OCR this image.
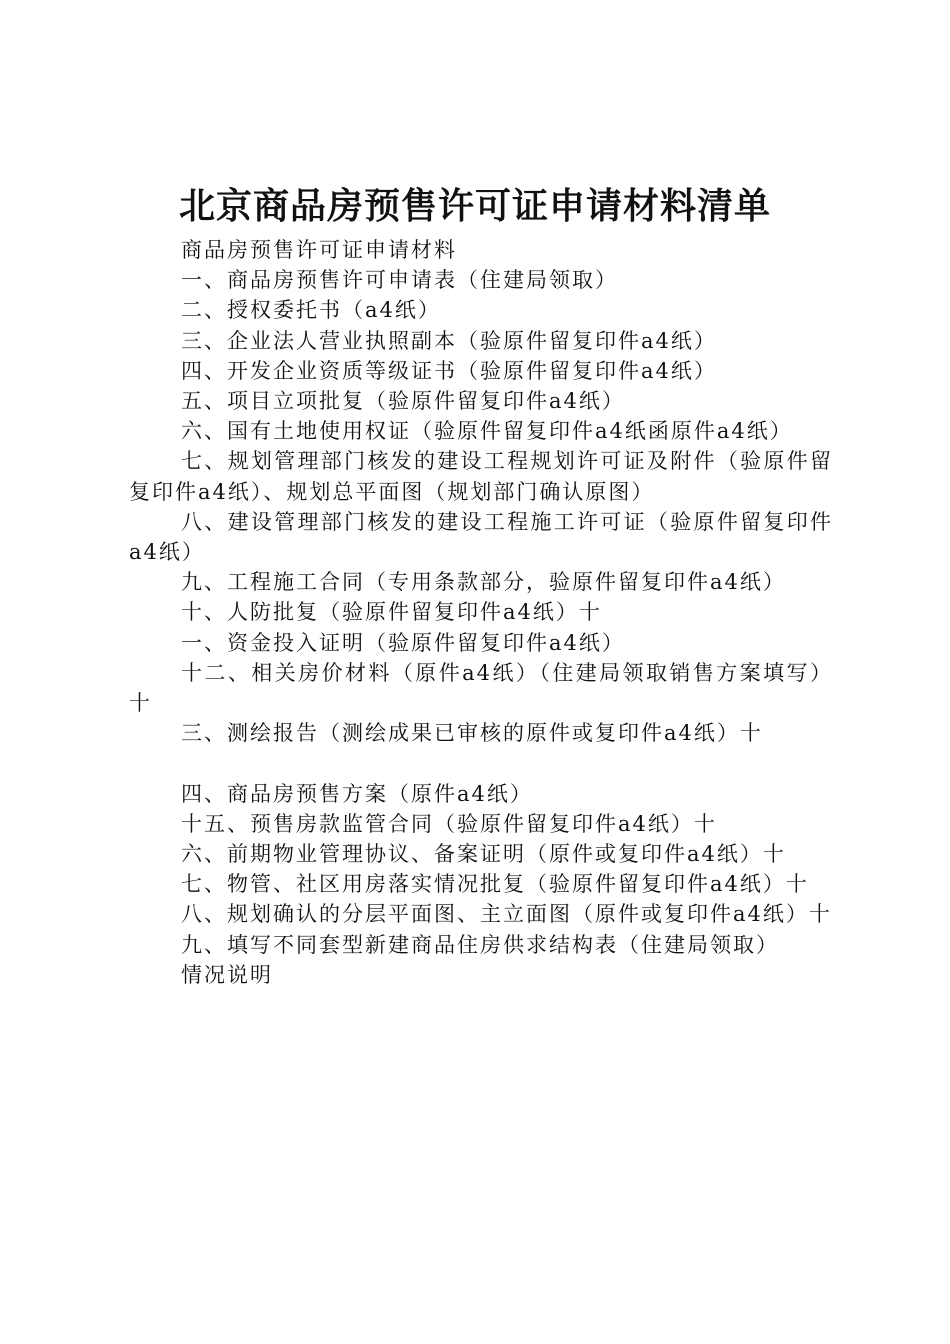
北京商品房预售许可证申请材料清单

商品房预售许可证申请材料

一、商品房预售许可申请表（住建局领取）

二、授权委托书（a4纸）

三、企业法人营业执照副本（验原件留复印件a4纸）

四、开发企业资质等级证书（验原件留复印件a4纸）

五、项目立项批复（验原件留复印件a4纸）

六、国有土地使用权证（验原件留复印件a4纸函原件a4纸）

七、规划管理部门核发的建设工程规划许可证及附件（验原件留复印件a4纸）、规划总平面图（规划部门确认原图）

八、建设管理部门核发的建设工程施工许可证（验原件留复印件a4纸）

九、工程施工合同（专用条款部分，验原件留复印件a4纸）

十、人防批复（验原件留复印件a4纸）十

一、资金投入证明（验原件留复印件a4纸）

十二、相关房价材料（原件a4纸）（住建局领取销售方案填写）十

三、测绘报告（测绘成果已审核的原件或复印件a4纸）十

四、商品房预售方案（原件a4纸）

十五、预售房款监管合同（验原件留复印件a4纸）十

六、前期物业管理协议、备案证明（原件或复印件a4纸）十

七、物管、社区用房落实情况批复（验原件留复印件a4纸）十

八、规划确认的分层平面图、主立面图（原件或复印件a4纸）十

九、填写不同套型新建商品住房供求结构表（住建局领取）

情况说明
